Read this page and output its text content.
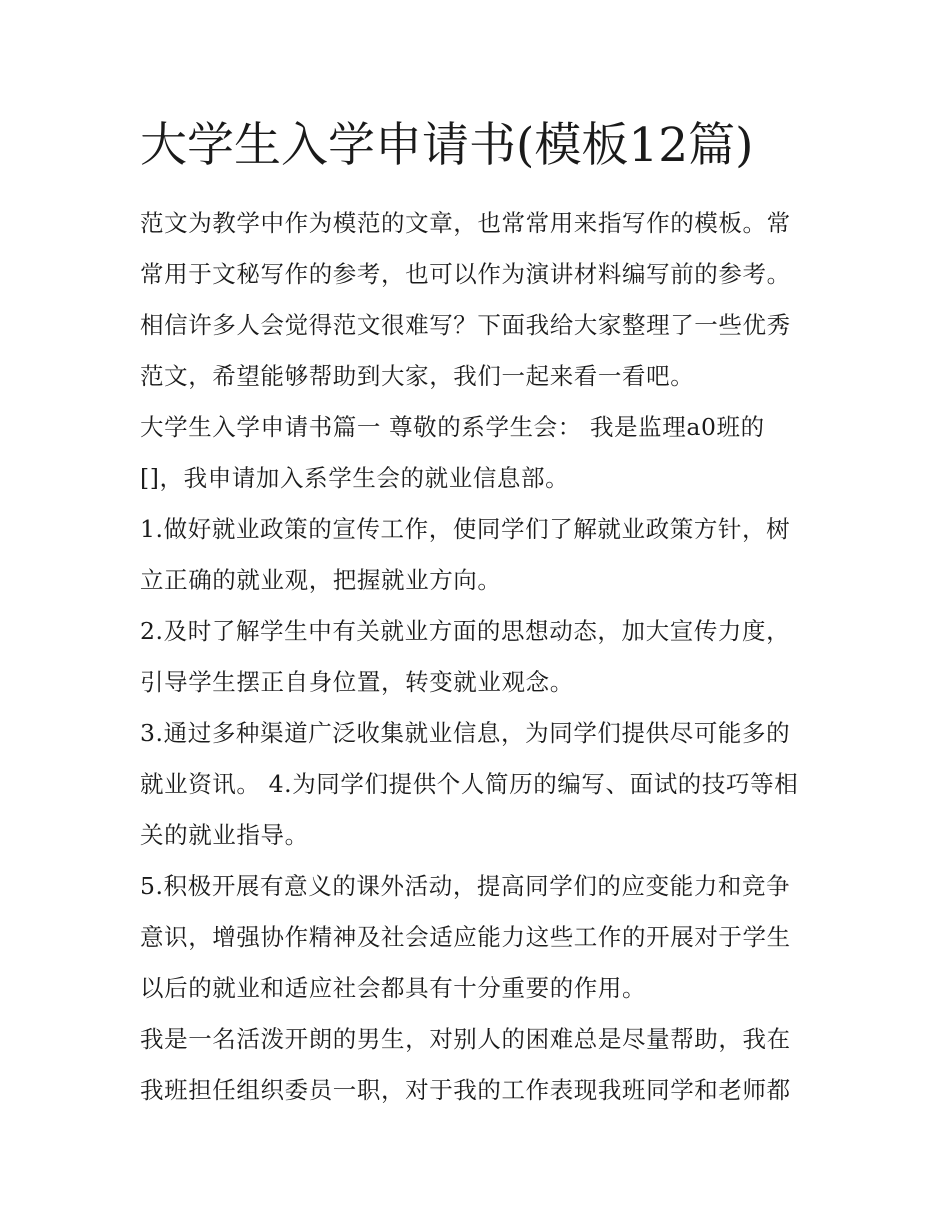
大学生入学申请书(模板12篇)
范文为教学中作为模范的文章，也常常用来指写作的模板。常
常用于文秘写作的参考，也可以作为演讲材料编写前的参考。
相信许多人会觉得范文很难写？下面我给大家整理了一些优秀
范文，希望能够帮助到大家，我们一起来看一看吧。
大学生入学申请书篇一 尊敬的系学生会： 我是监理a0班的
[]，我申请加入系学生会的就业信息部。
1.做好就业政策的宣传工作，使同学们了解就业政策方针，树
立正确的就业观，把握就业方向。
2.及时了解学生中有关就业方面的思想动态，加大宣传力度，
引导学生摆正自身位置，转变就业观念。
3.通过多种渠道广泛收集就业信息，为同学们提供尽可能多的
就业资讯。 4.为同学们提供个人简历的编写、面试的技巧等相
关的就业指导。
5.积极开展有意义的课外活动，提高同学们的应变能力和竞争
意识，增强协作精神及社会适应能力这些工作的开展对于学生
以后的就业和适应社会都具有十分重要的作用。
我是一名活泼开朗的男生，对别人的困难总是尽量帮助，我在
我班担任组织委员一职，对于我的工作表现我班同学和老师都
